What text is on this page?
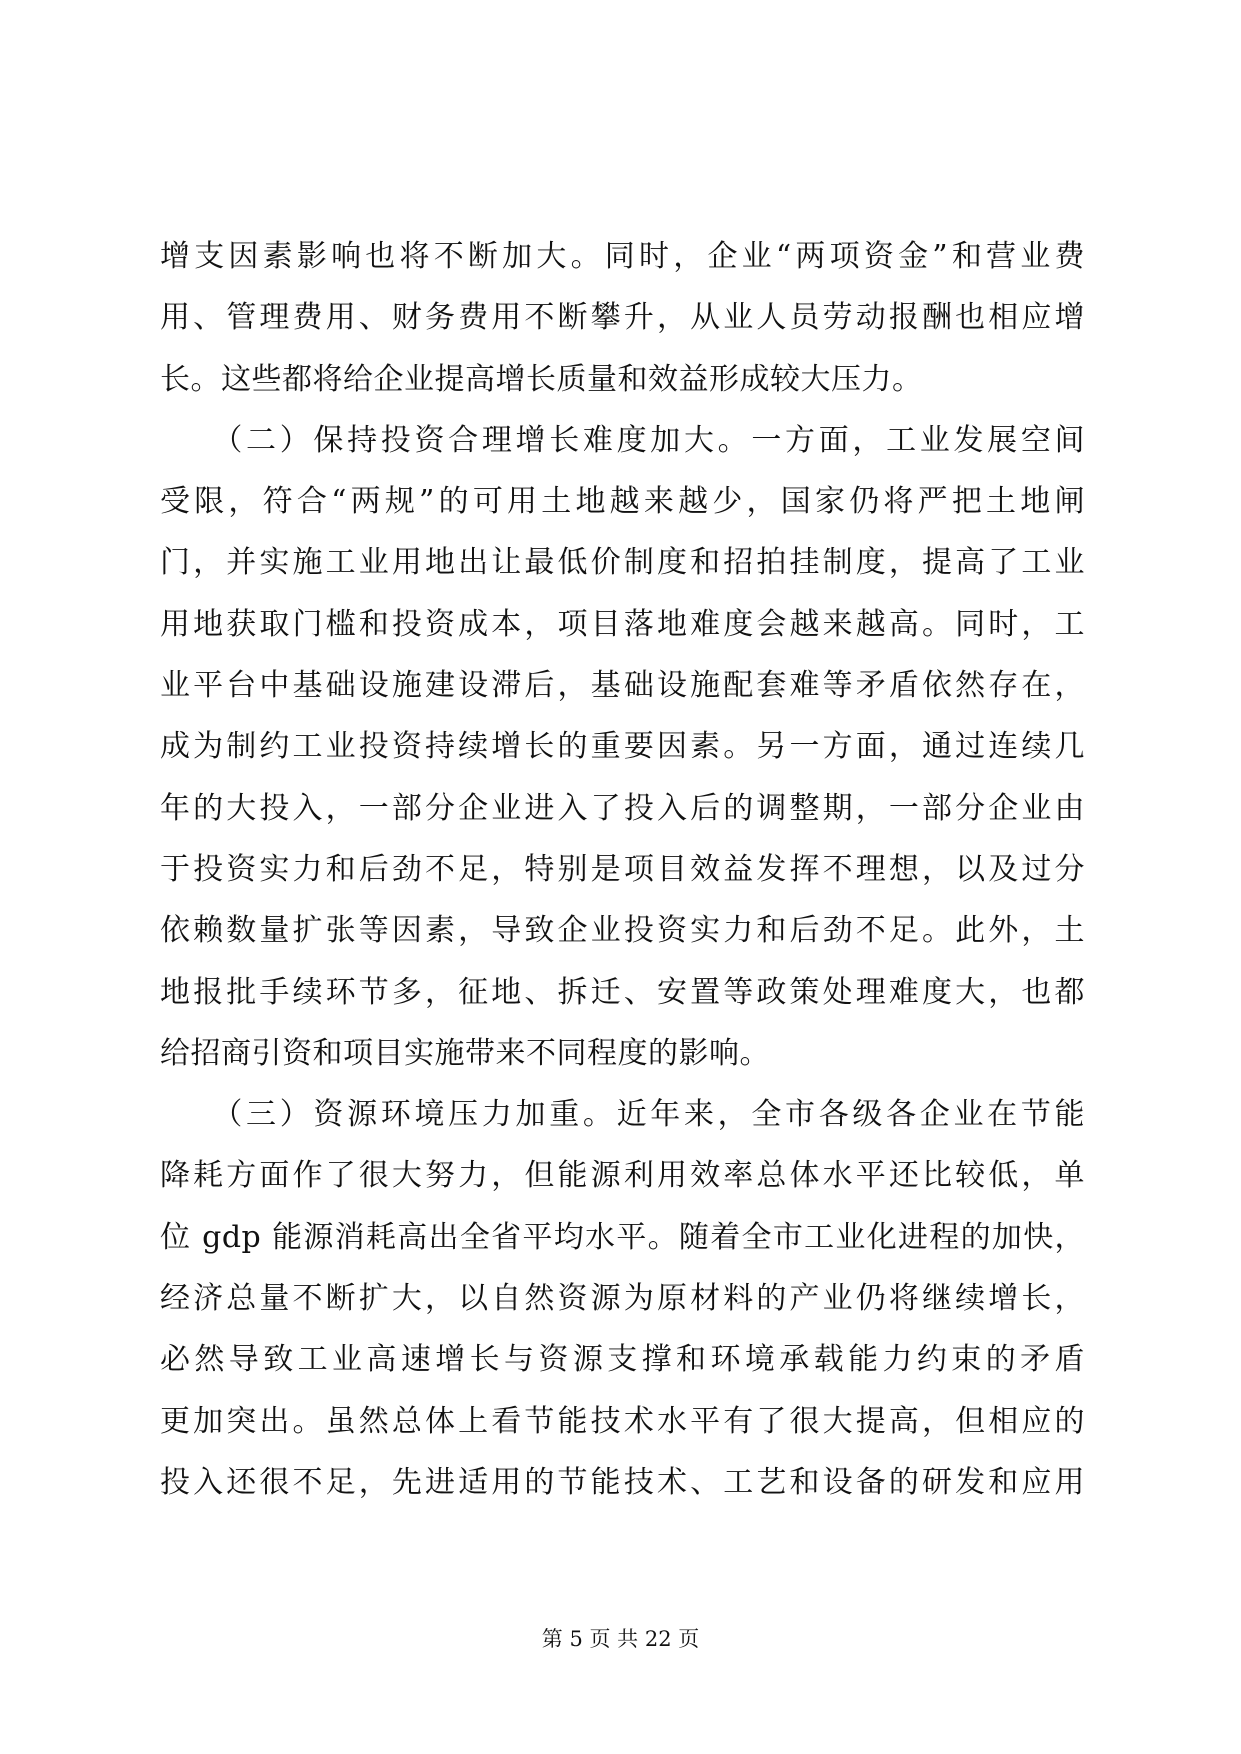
增支因素影响也将不断加大。同时，企业“两项资金”和营业费
用、管理费用、财务费用不断攀升，从业人员劳动报酬也相应增
长。这些都将给企业提高增长质量和效益形成较大压力。
　　（二）保持投资合理增长难度加大。一方面，工业发展空间
受限，符合“两规”的可用土地越来越少，国家仍将严把土地闸
门，并实施工业用地出让最低价制度和招拍挂制度，提高了工业
用地获取门槛和投资成本，项目落地难度会越来越高。同时，工
业平台中基础设施建设滞后，基础设施配套难等矛盾依然存在，
成为制约工业投资持续增长的重要因素。另一方面，通过连续几
年的大投入，一部分企业进入了投入后的调整期，一部分企业由
于投资实力和后劲不足，特别是项目效益发挥不理想，以及过分
依赖数量扩张等因素，导致企业投资实力和后劲不足。此外，土
地报批手续环节多，征地、拆迁、安置等政策处理难度大，也都
给招商引资和项目实施带来不同程度的影响。
　　（三）资源环境压力加重。近年来，全市各级各企业在节能
降耗方面作了很大努力，但能源利用效率总体水平还比较低，单
位 gdp 能源消耗高出全省平均水平。随着全市工业化进程的加快，
经济总量不断扩大，以自然资源为原材料的产业仍将继续增长，
必然导致工业高速增长与资源支撑和环境承载能力约束的矛盾
更加突出。虽然总体上看节能技术水平有了很大提高，但相应的
投入还很不足，先进适用的节能技术、工艺和设备的研发和应用
第 5 页 共 22 页
